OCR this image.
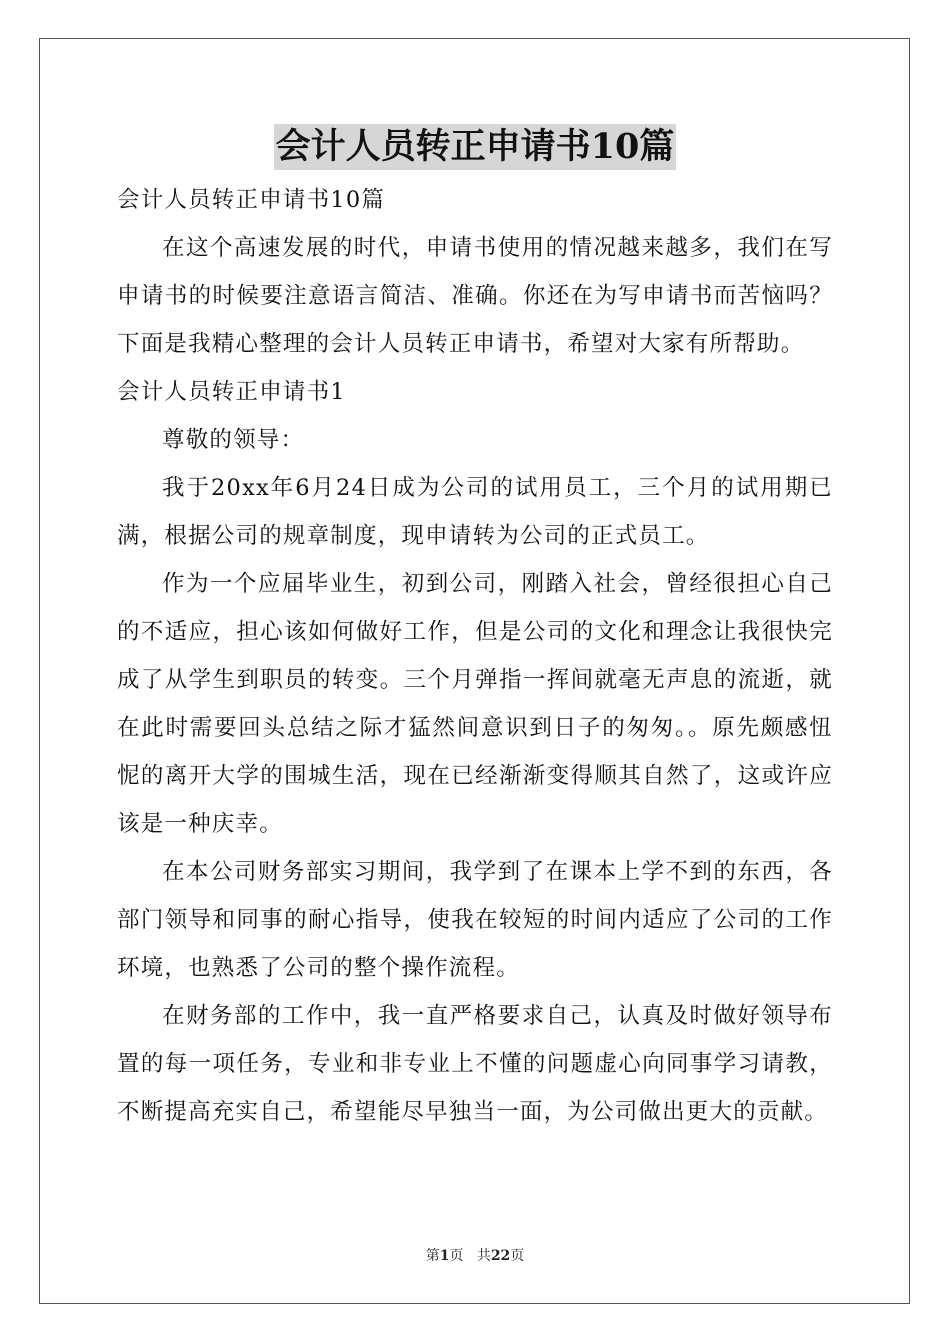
会计人员转正申请书10篇

会计人员转正申请书10篇

在这个高速发展的时代，申请书使用的情况越来越多，我们在写申请书的时候要注意语言简洁、准确。你还在为写申请书而苦恼吗？下面是我精心整理的会计人员转正申请书，希望对大家有所帮助。

会计人员转正申请书1

尊敬的领导：

我于20xx年6月24日成为公司的试用员工，三个月的试用期已满，根据公司的规章制度，现申请转为公司的正式员工。

作为一个应届毕业生，初到公司，刚踏入社会，曾经很担心自己的不适应，担心该如何做好工作，但是公司的文化和理念让我很快完成了从学生到职员的转变。三个月弹指一挥间就毫无声息的流逝，就在此时需要回头总结之际才猛然间意识到日子的匆匆。。原先颇感忸怩的离开大学的围城生活，现在已经渐渐变得顺其自然了，这或许应该是一种庆幸。

在本公司财务部实习期间，我学到了在课本上学不到的东西，各部门领导和同事的耐心指导，使我在较短的时间内适应了公司的工作环境，也熟悉了公司的整个操作流程。

在财务部的工作中，我一直严格要求自己，认真及时做好领导布置的每一项任务，专业和非专业上不懂的问题虚心向同事学习请教，不断提高充实自己，希望能尽早独当一面，为公司做出更大的贡献。

第1页 共22页
